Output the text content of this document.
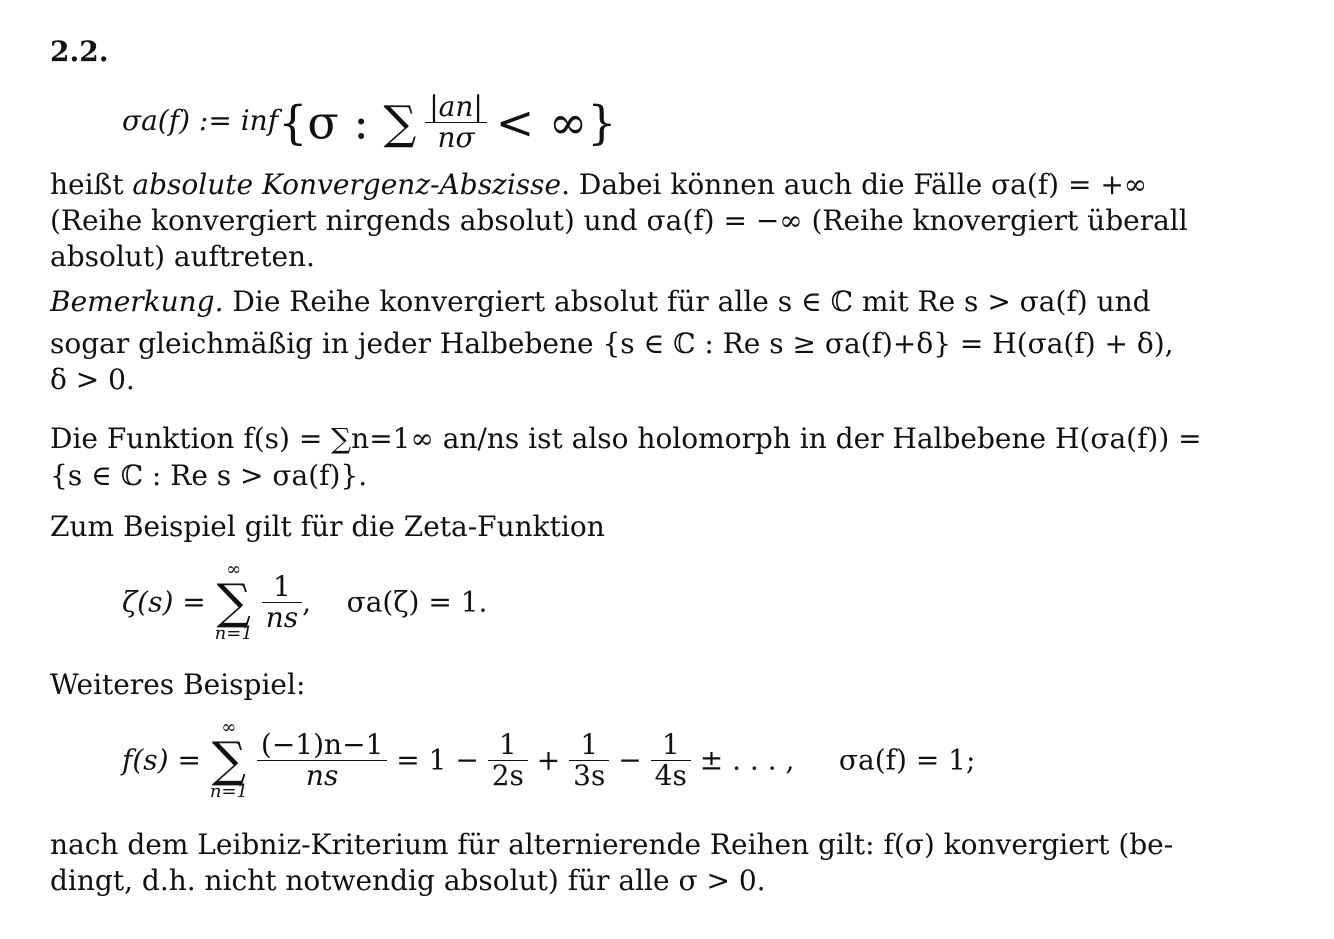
2.2.
σa(f) := inf{σ : ∑ $\frac{|an|}{n\sigma}$ < ∞}
heißt absolute Konvergenz-Abszisse. Dabei können auch die Fälle σa(f) = +∞
(Reihe konvergiert nirgends absolut) und σa(f) = −∞ (Reihe knovergiert überall
absolut) auftreten.
Bemerkung. Die Reihe konvergiert absolut für alle s ∈ ℂ mit Re s > σa(f) und
sogar gleichmäßig in jeder Halbebene {s ∈ ℂ : Re s ≥ σa(f)+δ} = H(σa(f) + δ),
δ > 0.
Die Funktion f(s) = ∑n=1∞ an/ns ist also holomorph in der Halbebene H(σa(f)) =
{s ∈ ℂ : Re s > σa(f)}.
Zum Beispiel gilt für die Zeta-Funktion
ζ(s) =
∞
∑
n=1

$\frac{1}{ns}$ ,    σa(ζ) = 1.
Weiteres Beispiel:
f(s) =
∞
∑
n=1

$\frac{(-1)n-1}{ns} = 1 - \frac{1}{2s} + \frac{1}{3s} - \frac{1}{4s}$ ± . . . ,     σa(f) = 1;
nach dem Leibniz-Kriterium für alternierende Reihen gilt: f(σ) konvergiert (be-
dingt, d.h. nicht notwendig absolut) für alle σ > 0.
